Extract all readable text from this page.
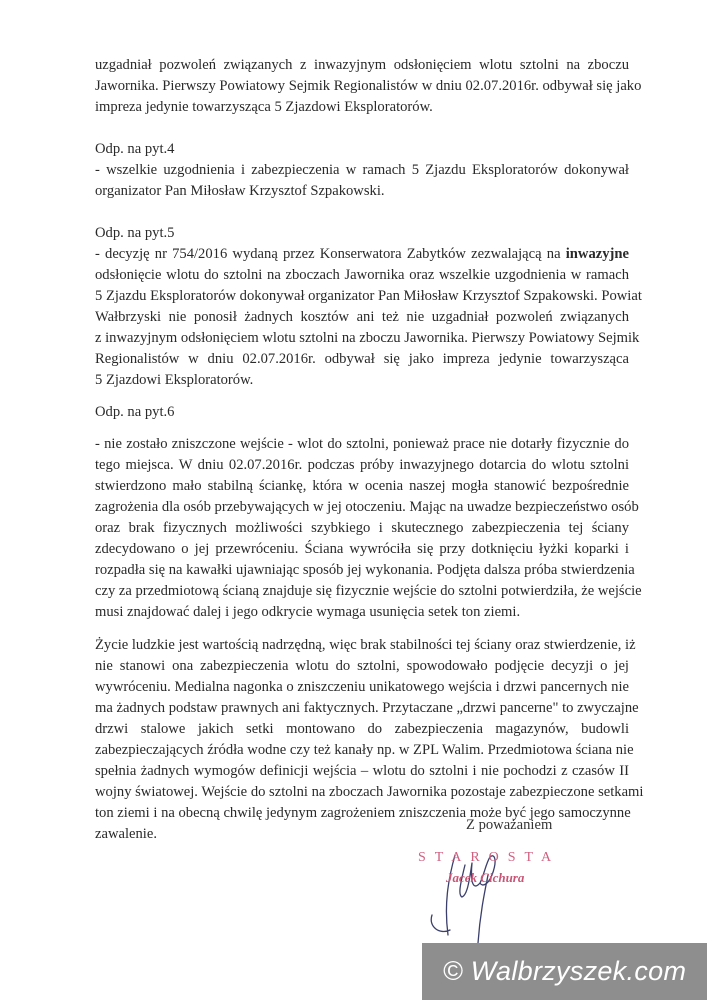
uzgadniał pozwoleń związanych z inwazyjnym odsłonięciem wlotu sztolni na zboczu
Jawornika. Pierwszy Powiatowy Sejmik Regionalistów w dniu 02.07.2016r. odbywał się jako
impreza jedynie towarzysząca 5 Zjazdowi Eksploratorów.
Odp. na pyt.4
- wszelkie uzgodnienia i zabezpieczenia w ramach 5 Zjazdu Eksploratorów dokonywał
organizator Pan Miłosław Krzysztof Szpakowski.
Odp. na pyt.5
- decyzję nr 754/2016 wydaną przez Konserwatora Zabytków zezwalającą na inwazyjne
odsłonięcie wlotu do sztolni na zboczach Jawornika oraz wszelkie uzgodnienia w ramach
5 Zjazdu Eksploratorów dokonywał organizator Pan Miłosław Krzysztof Szpakowski. Powiat
Wałbrzyski nie ponosił żadnych kosztów ani też nie uzgadniał pozwoleń związanych
z inwazyjnym odsłonięciem wlotu sztolni na zboczu Jawornika. Pierwszy Powiatowy Sejmik
Regionalistów w dniu 02.07.2016r. odbywał się jako impreza jedynie towarzysząca
5 Zjazdowi Eksploratorów.
Odp. na pyt.6
- nie zostało zniszczone wejście - wlot do sztolni, ponieważ prace nie dotarły fizycznie do
tego miejsca. W dniu 02.07.2016r. podczas próby inwazyjnego dotarcia do wlotu sztolni
stwierdzono mało stabilną ściankę, która w ocenia naszej mogła stanowić bezpośrednie
zagrożenia dla osób przebywających w jej otoczeniu. Mając na uwadze bezpieczeństwo osób
oraz brak fizycznych możliwości szybkiego i skutecznego zabezpieczenia tej ściany
zdecydowano o jej przewróceniu. Ściana wywróciła się przy dotknięciu łyżki koparki i
rozpadła się na kawałki ujawniając sposób jej wykonania. Podjęta dalsza próba stwierdzenia
czy za przedmiotową ścianą znajduje się fizycznie wejście do sztolni potwierdziła, że wejście
musi znajdować dalej i jego odkrycie wymaga usunięcia setek ton ziemi.
Życie ludzkie jest wartością nadrzędną, więc brak stabilności tej ściany oraz stwierdzenie, iż
nie stanowi ona zabezpieczenia wlotu do sztolni, spowodowało podjęcie decyzji o jej
wywróceniu. Medialna nagonka o zniszczeniu unikatowego wejścia i drzwi pancernych nie
ma żadnych podstaw prawnych ani faktycznych. Przytaczane „drzwi pancerne" to zwyczajne
drzwi stalowe jakich setki montowano do zabezpieczenia magazynów, budowli
zabezpieczających źródła wodne czy też kanały np. w ZPL Walim. Przedmiotowa ściana nie
spełnia żadnych wymogów definicji wejścia – wlotu do sztolni i nie pochodzi z czasów II
wojny światowej. Wejście do sztolni na zboczach Jawornika pozostaje zabezpieczone setkami
ton ziemi i na obecną chwilę jedynym zagrożeniem zniszczenia może być jego samoczynne
zawalenie.
Z poważaniem
STAROSTA
Jacek Cichura
© Walbrzyszek.com
